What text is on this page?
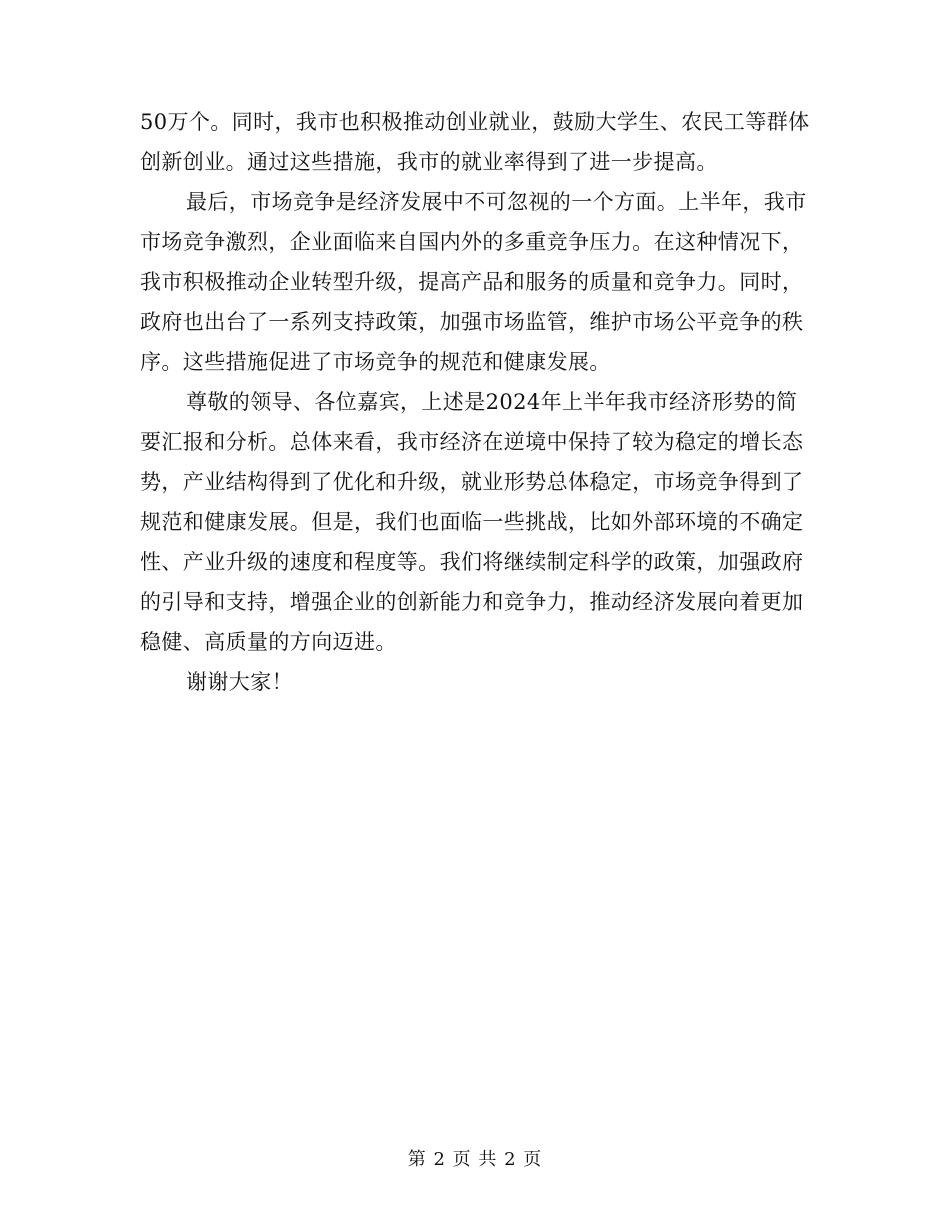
50万个。同时，我市也积极推动创业就业，鼓励大学生、农民工等群体创新创业。通过这些措施，我市的就业率得到了进一步提高。

最后，市场竞争是经济发展中不可忽视的一个方面。上半年，我市市场竞争激烈，企业面临来自国内外的多重竞争压力。在这种情况下，我市积极推动企业转型升级，提高产品和服务的质量和竞争力。同时，政府也出台了一系列支持政策，加强市场监管，维护市场公平竞争的秩序。这些措施促进了市场竞争的规范和健康发展。

尊敬的领导、各位嘉宾，上述是2024年上半年我市经济形势的简要汇报和分析。总体来看，我市经济在逆境中保持了较为稳定的增长态势，产业结构得到了优化和升级，就业形势总体稳定，市场竞争得到了规范和健康发展。但是，我们也面临一些挑战，比如外部环境的不确定性、产业升级的速度和程度等。我们将继续制定科学的政策，加强政府的引导和支持，增强企业的创新能力和竞争力，推动经济发展向着更加稳健、高质量的方向迈进。

谢谢大家！

第 2 页 共 2 页
